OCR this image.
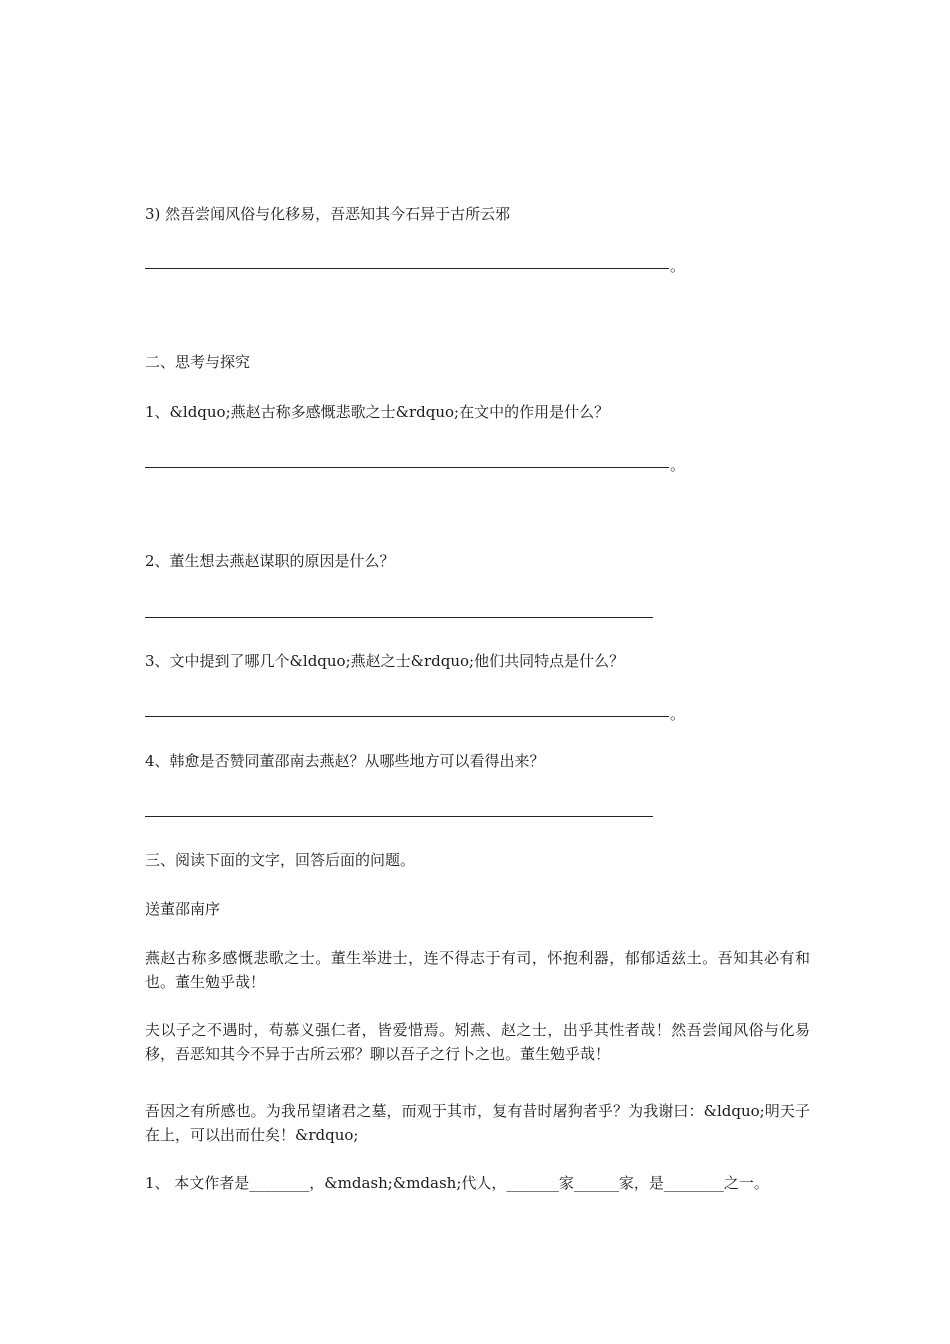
3) 然吾尝闻风俗与化移易，吾恶知其今石异于古所云邪
。
二、思考与探究
1、&ldquo;燕赵古称多感慨悲歌之士&rdquo;在文中的作用是什么？
。
2、董生想去燕赵谋职的原因是什么？
3、文中提到了哪几个&ldquo;燕赵之士&rdquo;他们共同特点是什么？
。
4、韩愈是否赞同董邵南去燕赵？从哪些地方可以看得出来？
三、阅读下面的文字，回答后面的问题。
送董邵南序
燕赵古称多感慨悲歌之士。董生举进士，连不得志于有司，怀抱利器，郁郁适兹土。吾知其必有和也。董生勉乎哉！
夫以子之不遇时，苟慕义强仁者，皆爱惜焉。矧燕、赵之士，出乎其性者哉！然吾尝闻风俗与化易移，吾恶知其今不异于古所云邪？聊以吾子之行卜之也。董生勉乎哉！
吾因之有所感也。为我吊望诸君之墓，而观于其市，复有昔时屠狗者乎？为我谢曰：&ldquo;明天子在上，可以出而仕矣！&rdquo;
1、 本文作者是________，&mdash;&mdash;代人，_______家______家，是________之一。
